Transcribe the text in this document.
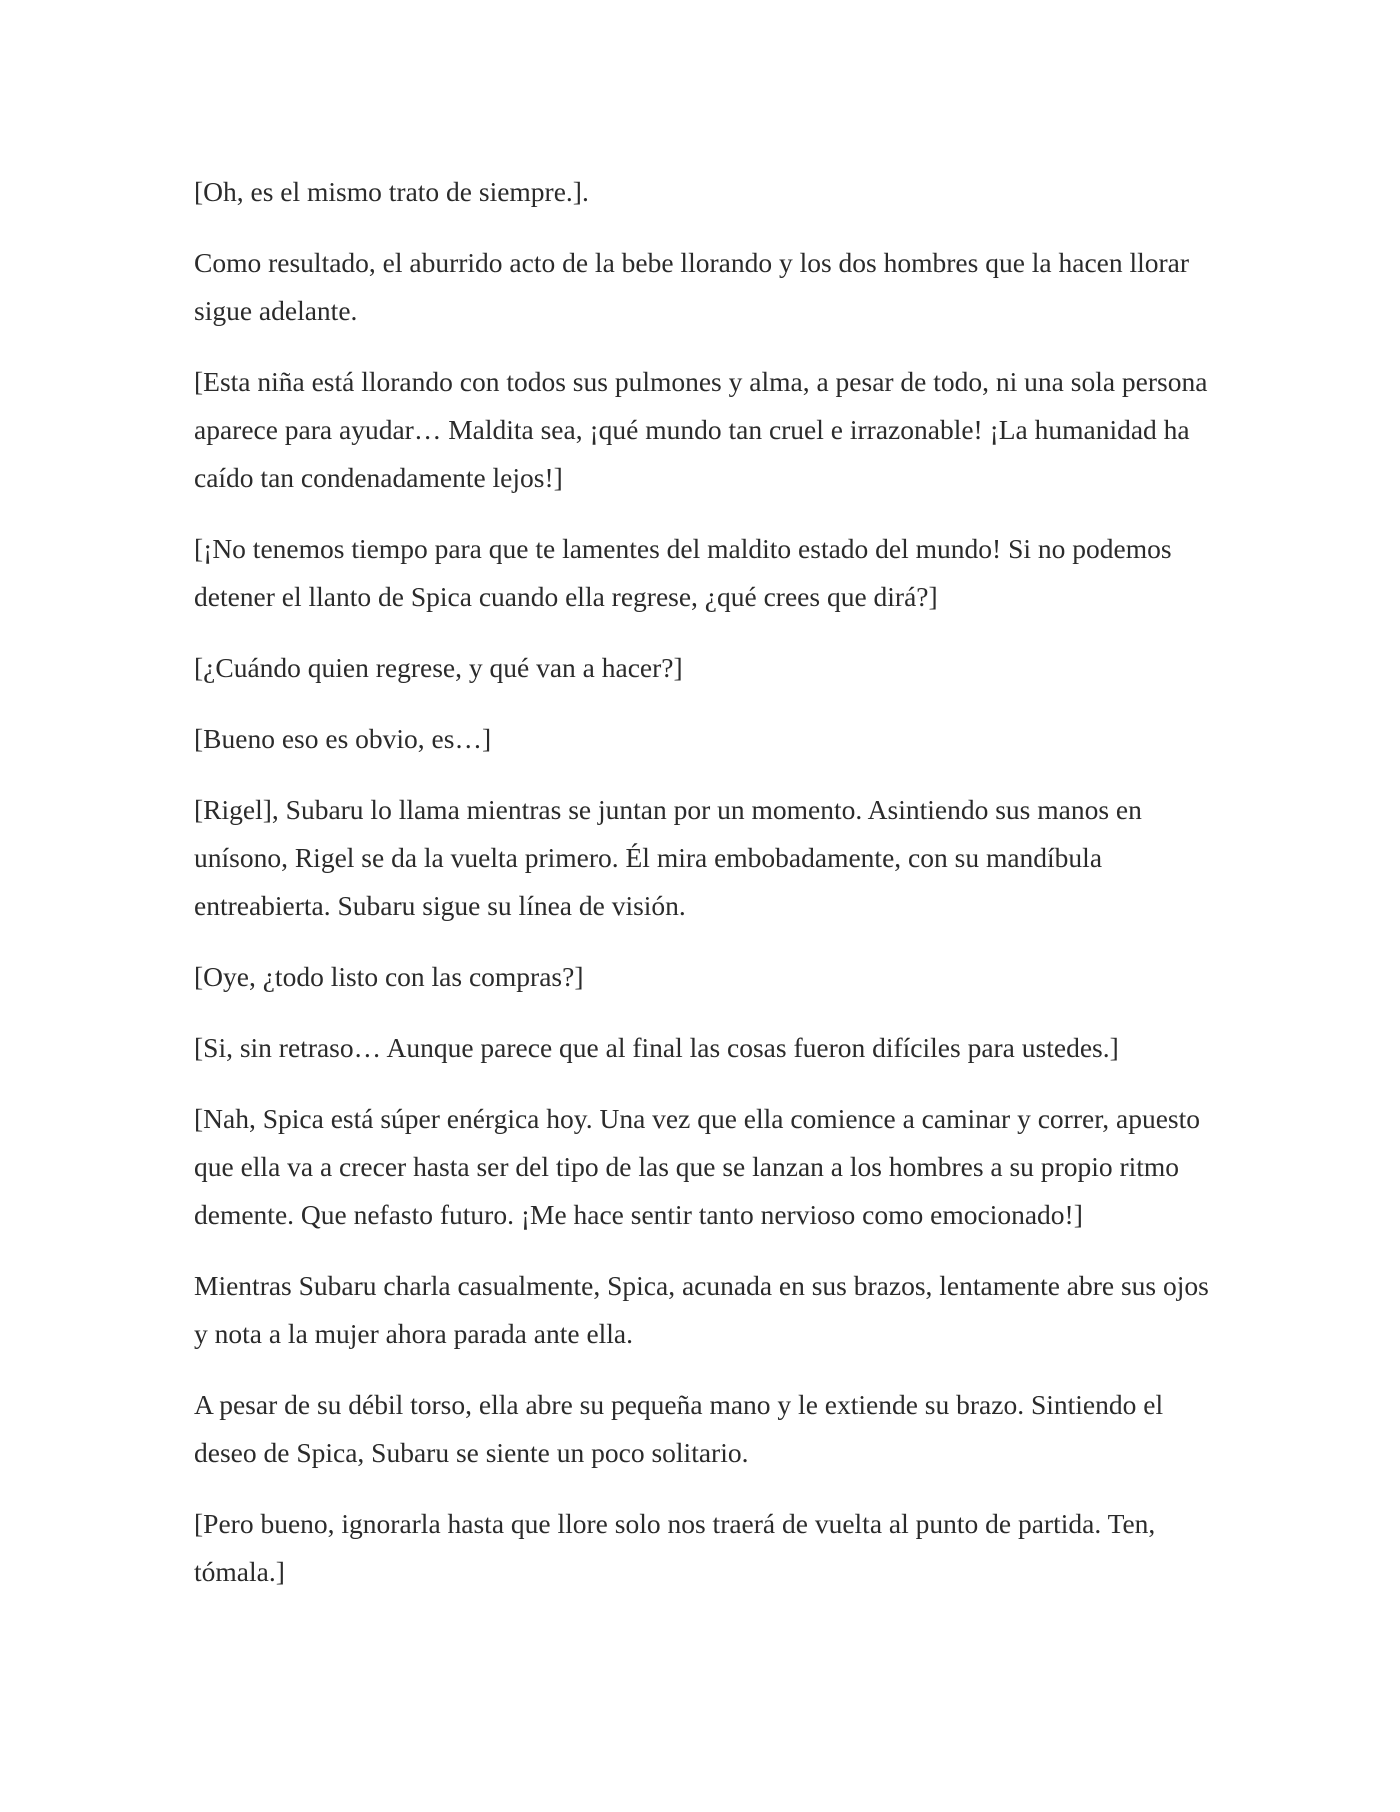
[Oh, es el mismo trato de siempre.].

Como resultado, el aburrido acto de la bebe llorando y los dos hombres que la hacen llorar sigue adelante.

[Esta niña está llorando con todos sus pulmones y alma, a pesar de todo, ni una sola persona aparece para ayudar… Maldita sea, ¡qué mundo tan cruel e irrazonable! ¡La humanidad ha caído tan condenadamente lejos!]

[¡No tenemos tiempo para que te lamentes del maldito estado del mundo! Si no podemos detener el llanto de Spica cuando ella regrese, ¿qué crees que dirá?]

[¿Cuándo quien regrese, y qué van a hacer?]

[Bueno eso es obvio, es…]

[Rigel], Subaru lo llama mientras se juntan por un momento. Asintiendo sus manos en unísono, Rigel se da la vuelta primero. Él mira embobadamente, con su mandíbula entreabierta. Subaru sigue su línea de visión.

[Oye, ¿todo listo con las compras?]

[Si, sin retraso… Aunque parece que al final las cosas fueron difíciles para ustedes.]

[Nah, Spica está súper enérgica hoy. Una vez que ella comience a caminar y correr, apuesto que ella va a crecer hasta ser del tipo de las que se lanzan a los hombres a su propio ritmo demente. Que nefasto futuro. ¡Me hace sentir tanto nervioso como emocionado!]

Mientras Subaru charla casualmente, Spica, acunada en sus brazos, lentamente abre sus ojos y nota a la mujer ahora parada ante ella.

A pesar de su débil torso, ella abre su pequeña mano y le extiende su brazo. Sintiendo el deseo de Spica, Subaru se siente un poco solitario.

[Pero bueno, ignorarla hasta que llore solo nos traerá de vuelta al punto de partida. Ten, tómala.]
